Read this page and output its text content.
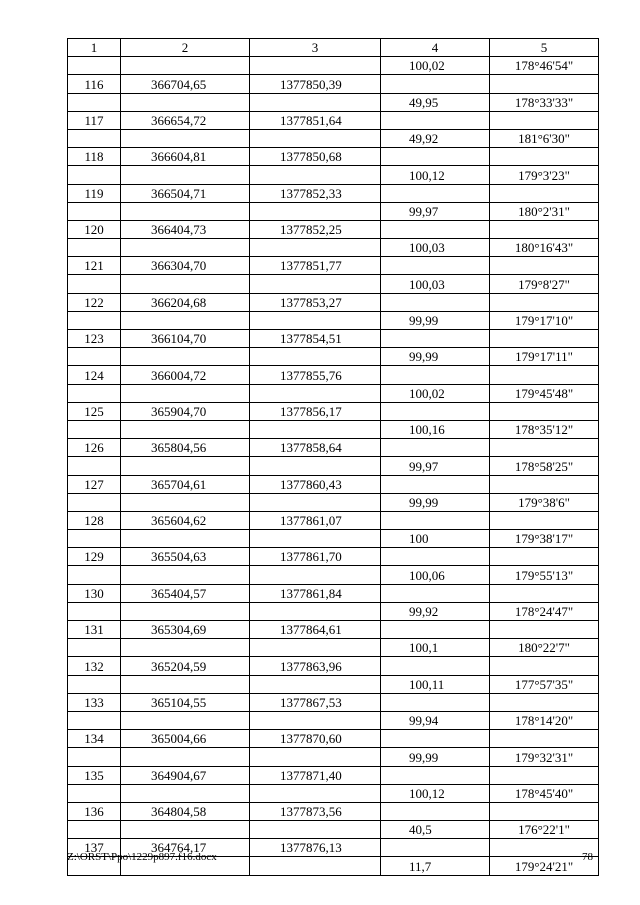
1	2	3	4	5
			100,02	178°46'54"
116	366704,65	1377850,39		
			49,95	178°33'33"
117	366654,72	1377851,64		
			49,92	181°6'30"
118	366604,81	1377850,68		
			100,12	179°3'23"
119	366504,71	1377852,33		
			99,97	180°2'31"
120	366404,73	1377852,25		
			100,03	180°16'43"
121	366304,70	1377851,77		
			100,03	179°8'27"
122	366204,68	1377853,27		
			99,99	179°17'10"
123	366104,70	1377854,51		
			99,99	179°17'11"
124	366004,72	1377855,76		
			100,02	179°45'48"
125	365904,70	1377856,17		
			100,16	178°35'12"
126	365804,56	1377858,64		
			99,97	178°58'25"
127	365704,61	1377860,43		
			99,99	179°38'6"
128	365604,62	1377861,07		
			100	179°38'17"
129	365504,63	1377861,70		
			100,06	179°55'13"
130	365404,57	1377861,84		
			99,92	178°24'47"
131	365304,69	1377864,61		
			100,1	180°22'7"
132	365204,59	1377863,96		
			100,11	177°57'35"
133	365104,55	1377867,53		
			99,94	178°14'20"
134	365004,66	1377870,60		
			99,99	179°32'31"
135	364904,67	1377871,40		
			100,12	178°45'40"
136	364804,58	1377873,56		
			40,5	176°22'1"
137	364764,17	1377876,13		
			11,7	179°24'21"
Z:\ORST\Ppo\1229p897.f16.docx	78
